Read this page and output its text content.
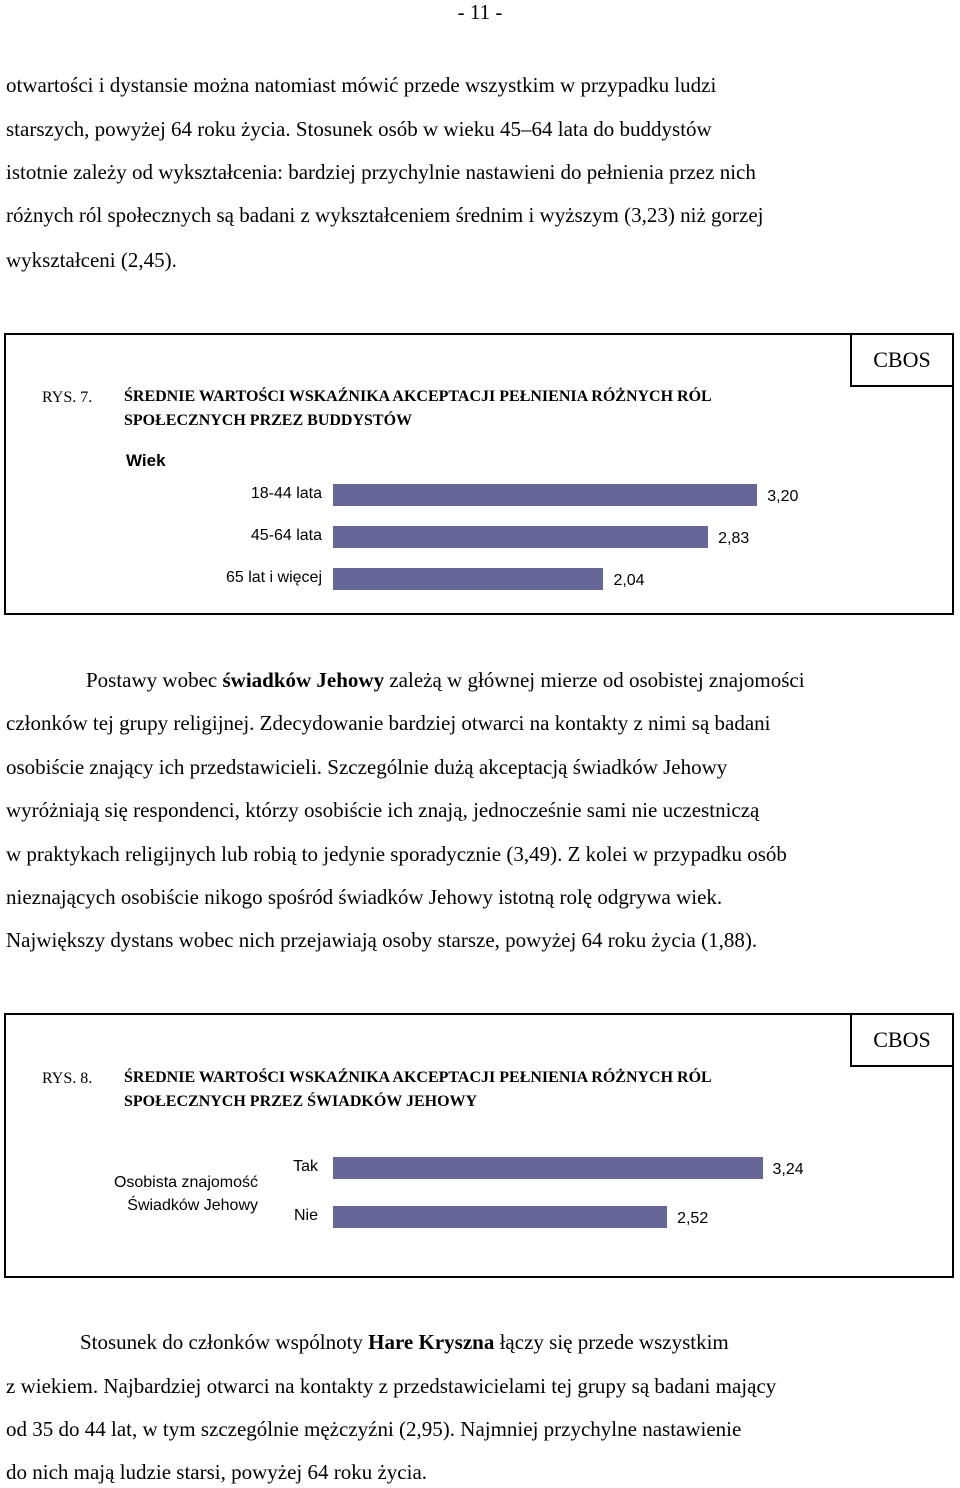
- 11 -

otwartości i dystansie można natomiast mówić przede wszystkim w przypadku ludzi

starszych, powyżej 64 roku życia. Stosunek osób w wieku 45–64 lata do buddystów

istotnie zależy od wykształcenia: bardziej przychylnie nastawieni do pełnienia przez nich

różnych ról społecznych są badani z wykształceniem średnim i wyższym (3,23) niż gorzej

wykształceni (2,45).

CBOS
RYS. 7. ŚREDNIE WARTOŚCI WSKAŹNIKA AKCEPTACJI PEŁNIENIA RÓŻNYCH RÓL
SPOŁECZNYCH PRZEZ BUDDYSTÓW
Wiek
18-44 lata	3,20
45-64 lata	2,83
65 lat i więcej	2,04

Postawy wobec świadków Jehowy zależą w głównej mierze od osobistej znajomości

członków tej grupy religijnej. Zdecydowanie bardziej otwarci na kontakty z nimi są badani

osobiście znający ich przedstawicieli. Szczególnie dużą akceptacją świadków Jehowy

wyróżniają się respondenci, którzy osobiście ich znają, jednocześnie sami nie uczestniczą

w praktykach religijnych lub robią to jedynie sporadycznie (3,49). Z kolei w przypadku osób

nieznających osobiście nikogo spośród świadków Jehowy istotną rolę odgrywa wiek.

Największy dystans wobec nich przejawiają osoby starsze, powyżej 64 roku życia (1,88).

CBOS
RYS. 8. ŚREDNIE WARTOŚCI WSKAŹNIKA AKCEPTACJI PEŁNIENIA RÓŻNYCH RÓL
SPOŁECZNYCH PRZEZ ŚWIADKÓW JEHOWY
Osobista znajomość
Świadków Jehowy
Tak	3,24
Nie	2,52

Stosunek do członków wspólnoty Hare Kryszna łączy się przede wszystkim

z wiekiem. Najbardziej otwarci na kontakty z przedstawicielami tej grupy są badani mający

od 35 do 44 lat, w tym szczególnie mężczyźni (2,95). Najmniej przychylne nastawienie

do nich mają ludzie starsi, powyżej 64 roku życia.
